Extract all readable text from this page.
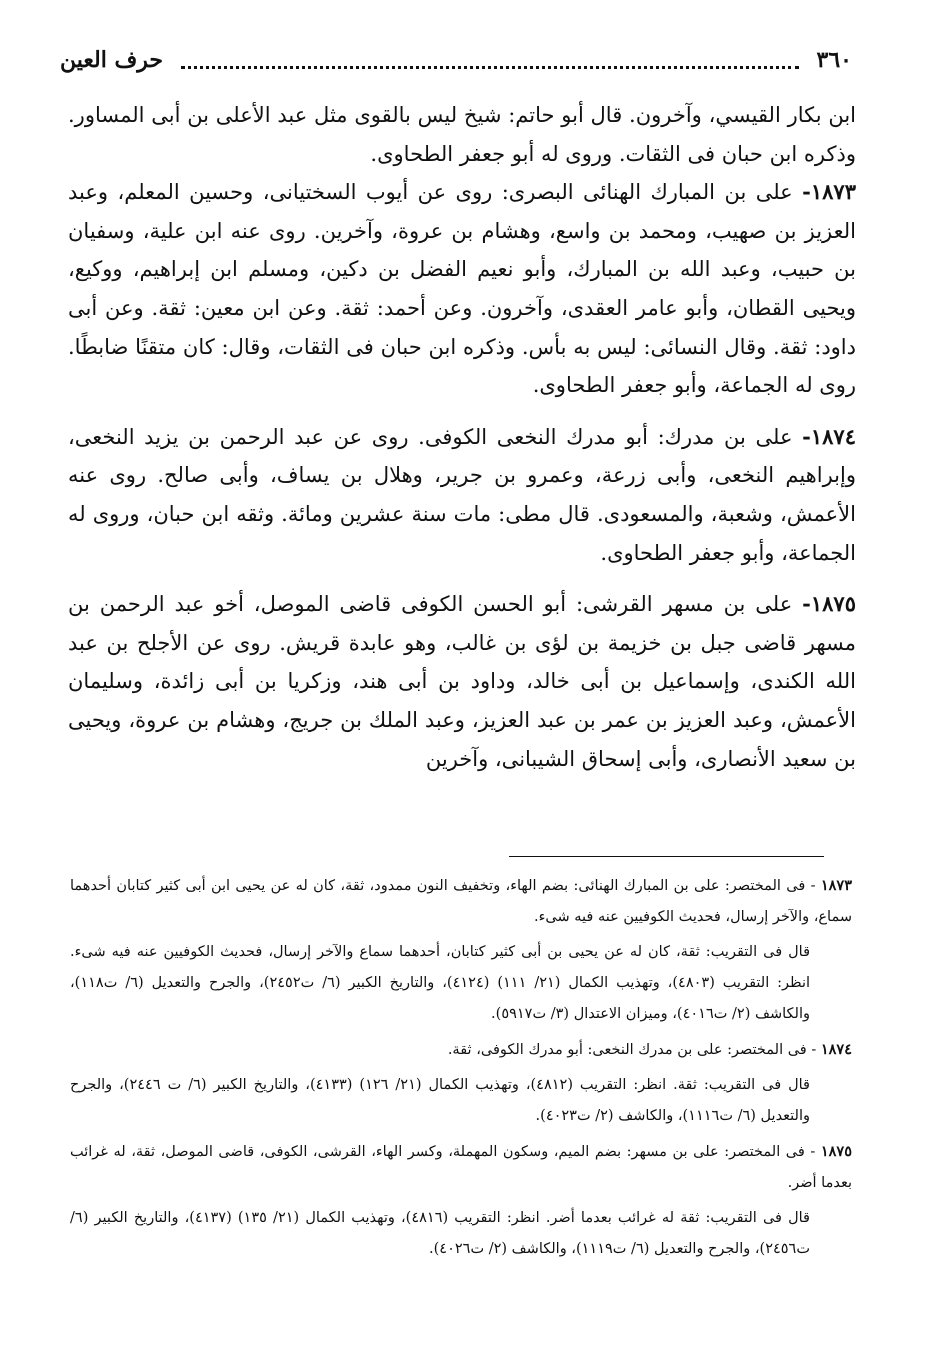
٣٦٠
حرف العين

ابن بكار القيسي، وآخرون. قال أبو حاتم: شيخ ليس بالقوى مثل عبد الأعلى بن أبى المساور. وذكره ابن حبان فى الثقات. وروى له أبو جعفر الطحاوى.

١٨٧٣- على بن المبارك الهنائى البصرى: روى عن أيوب السختيانى، وحسين المعلم، وعبد العزيز بن صهيب، ومحمد بن واسع، وهشام بن عروة، وآخرين. روى عنه ابن علية، وسفيان بن حبيب، وعبد الله بن المبارك، وأبو نعيم الفضل بن دكين، ومسلم ابن إبراهيم، ووكيع، ويحيى القطان، وأبو عامر العقدى، وآخرون. وعن أحمد: ثقة. وعن ابن معين: ثقة. وعن أبى داود: ثقة. وقال النسائى: ليس به بأس. وذكره ابن حبان فى الثقات، وقال: كان متقنًا ضابطًا. روى له الجماعة، وأبو جعفر الطحاوى.

١٨٧٤- على بن مدرك: أبو مدرك النخعى الكوفى. روى عن عبد الرحمن بن يزيد النخعى، وإبراهيم النخعى، وأبى زرعة، وعمرو بن جرير، وهلال بن يساف، وأبى صالح. روى عنه الأعمش، وشعبة، والمسعودى. قال مطى: مات سنة عشرين ومائة. وثقه ابن حبان، وروى له الجماعة، وأبو جعفر الطحاوى.

١٨٧٥- على بن مسهر القرشى: أبو الحسن الكوفى قاضى الموصل، أخو عبد الرحمن بن مسهر قاضى جبل بن خزيمة بن لؤى بن غالب، وهو عابدة قريش. روى عن الأجلح بن عبد الله الكندى، وإسماعيل بن أبى خالد، وداود بن أبى هند، وزكريا بن أبى زائدة، وسليمان الأعمش، وعبد العزيز بن عمر بن عبد العزيز، وعبد الملك بن جريج، وهشام بن عروة، ويحيى بن سعيد الأنصارى، وأبى إسحاق الشيبانى، وآخرين

١٨٧٣ - فى المختصر: على بن المبارك الهنائى: بضم الهاء، وتخفيف النون ممدود، ثقة، كان له عن يحيى ابن أبى كثير كتابان أحدهما سماع، والآخر إرسال، فحديث الكوفيين عنه فيه شىء.

قال فى التقريب: ثقة، كان له عن يحيى بن أبى كثير كتابان، أحدهما سماع والآخر إرسال، فحديث الكوفيين عنه فيه شىء. انظر: التقريب (٤٨٠٣)، وتهذيب الكمال (٢١/ ١١١) (٤١٢٤)، والتاريخ الكبير (٦/ ت٢٤٥٢)، والجرح والتعديل (٦/ ت١١٨)، والكاشف (٢/ ت٤٠١٦)، وميزان الاعتدال (٣/ ت٥٩١٧).

١٨٧٤ - فى المختصر: على بن مدرك النخعى: أبو مدرك الكوفى، ثقة.

قال فى التقريب: ثقة. انظر: التقريب (٤٨١٢)، وتهذيب الكمال (٢١/ ١٢٦) (٤١٣٣)، والتاريخ الكبير (٦/ ت ٢٤٤٦)، والجرح والتعديل (٦/ ت١١١٦)، والكاشف (٢/ ت٤٠٢٣).

١٨٧٥ - فى المختصر: على بن مسهر: بضم الميم، وسكون المهملة، وكسر الهاء، القرشى، الكوفى، قاضى الموصل، ثقة، له غرائب بعدما أضر.

قال فى التقريب: ثقة له غرائب بعدما أضر. انظر: التقريب (٤٨١٦)، وتهذيب الكمال (٢١/ ١٣٥) (٤١٣٧)، والتاريخ الكبير (٦/ ت٢٤٥٦)، والجرح والتعديل (٦/ ت١١١٩)، والكاشف (٢/ ت٤٠٢٦).
